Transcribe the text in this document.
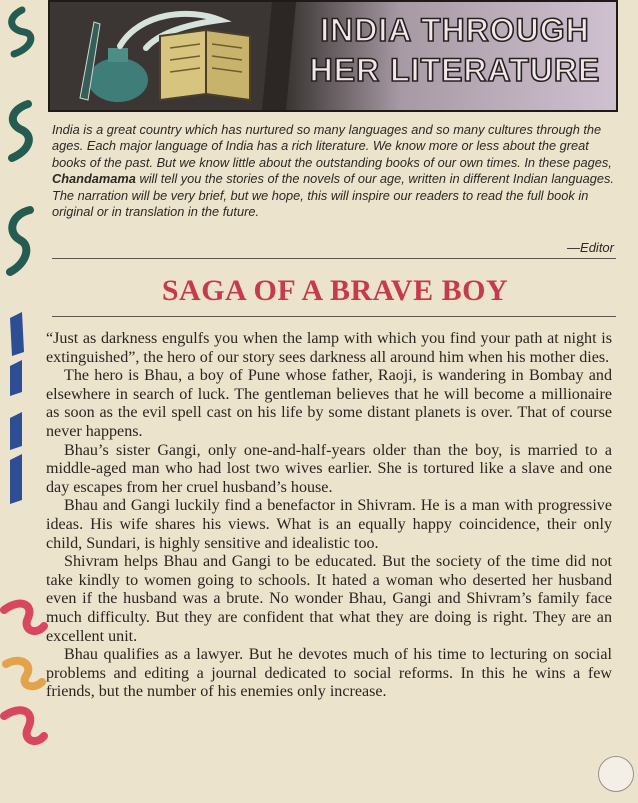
INDIA THROUGH
HER LITERATURE
India is a great country which has nurtured so many languages and so many cultures through the ages. Each major language of India has a rich literature. We know more or less about the great books of the past. But we know little about the outstanding books of our own times. In these pages, Chandamama will tell you the stories of the novels of our age, written in different Indian languages. The narration will be very brief, but we hope, this will inspire our readers to read the full book in original or in translation in the future.
—Editor
SAGA OF A BRAVE BOY

“Just as darkness engulfs you when the lamp with which you find your path at night is extinguished”, the hero of our story sees darkness all around him when his mother dies.

The hero is Bhau, a boy of Pune whose father, Raoji, is wandering in Bombay and elsewhere in search of luck. The gentleman believes that he will become a millionaire as soon as the evil spell cast on his life by some distant planets is over. That of course never happens.

Bhau’s sister Gangi, only one-and-half-years older than the boy, is married to a middle-aged man who had lost two wives earlier. She is tortured like a slave and one day escapes from her cruel husband’s house.

Bhau and Gangi luckily find a benefactor in Shivram. He is a man with progressive ideas. His wife shares his views. What is an equally happy coincidence, their only child, Sundari, is highly sensitive and idealistic too.

Shivram helps Bhau and Gangi to be educated. But the society of the time did not take kindly to women going to schools. It hated a woman who deserted her husband even if the husband was a brute. No wonder Bhau, Gangi and Shivram’s family face much difficulty. But they are confident that what they are doing is right. They are an excellent unit.

Bhau qualifies as a lawyer. But he devotes much of his time to lecturing on social problems and editing a journal dedicated to social reforms. In this he wins a few friends, but the number of his enemies only increase.
